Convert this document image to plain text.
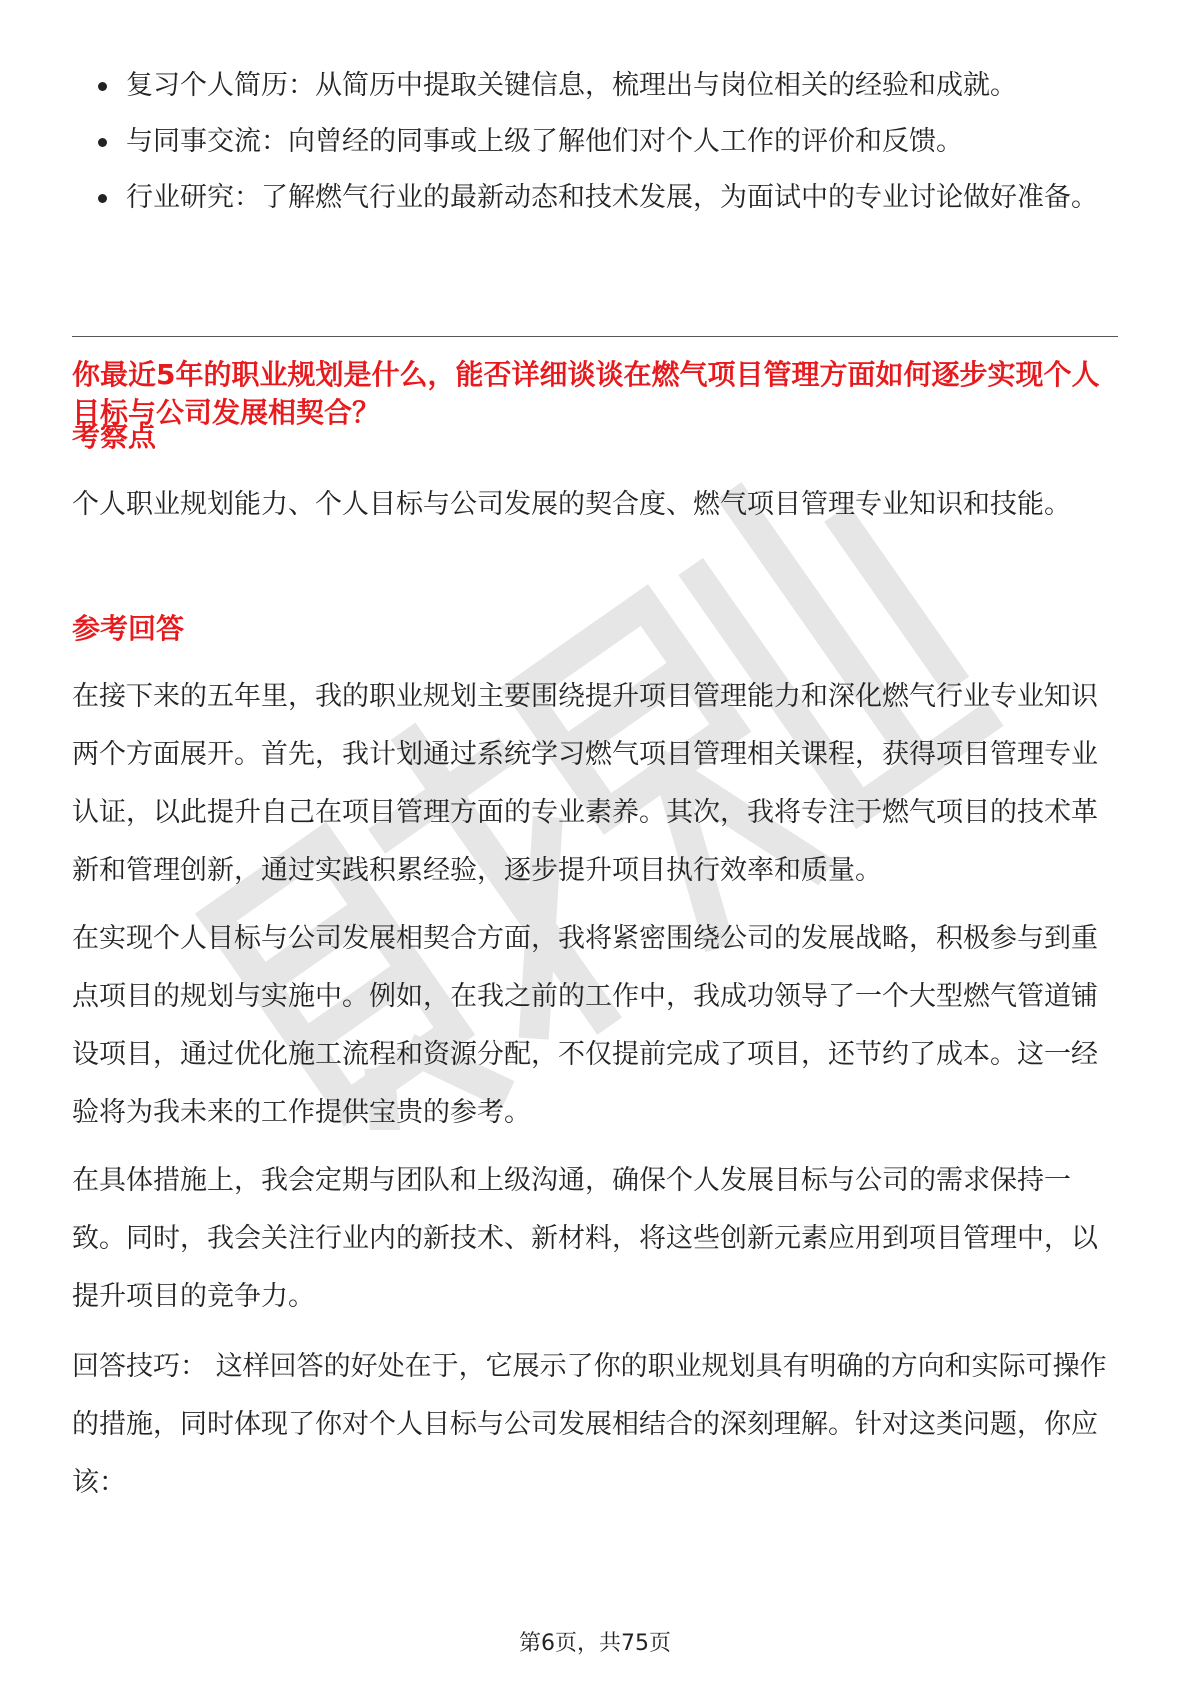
复习个人简历：从简历中提取关键信息，梳理出与岗位相关的经验和成就。
与同事交流：向曾经的同事或上级了解他们对个人工作的评价和反馈。
行业研究：了解燃气行业的最新动态和技术发展，为面试中的专业讨论做好准备。
你最近5年的职业规划是什么，能否详细谈谈在燃气项目管理方面如何逐步实现个人目标与公司发展相契合？
考察点

个人职业规划能力、个人目标与公司发展的契合度、燃气项目管理专业知识和技能。

参考回答

在接下来的五年里，我的职业规划主要围绕提升项目管理能力和深化燃气行业专业知识两个方面展开。首先，我计划通过系统学习燃气项目管理相关课程，获得项目管理专业认证，以此提升自己在项目管理方面的专业素养。其次，我将专注于燃气项目的技术革新和管理创新，通过实践积累经验，逐步提升项目执行效率和质量。

在实现个人目标与公司发展相契合方面，我将紧密围绕公司的发展战略，积极参与到重点项目的规划与实施中。例如，在我之前的工作中，我成功领导了一个大型燃气管道铺设项目，通过优化施工流程和资源分配，不仅提前完成了项目，还节约了成本。这一经验将为我未来的工作提供宝贵的参考。

在具体措施上，我会定期与团队和上级沟通，确保个人发展目标与公司的需求保持一致。同时，我会关注行业内的新技术、新材料，将这些创新元素应用到项目管理中，以提升项目的竞争力。

回答技巧： 这样回答的好处在于，它展示了你的职业规划具有明确的方向和实际可操作的措施，同时体现了你对个人目标与公司发展相结合的深刻理解。针对这类问题，你应该：

第6页，共75页
